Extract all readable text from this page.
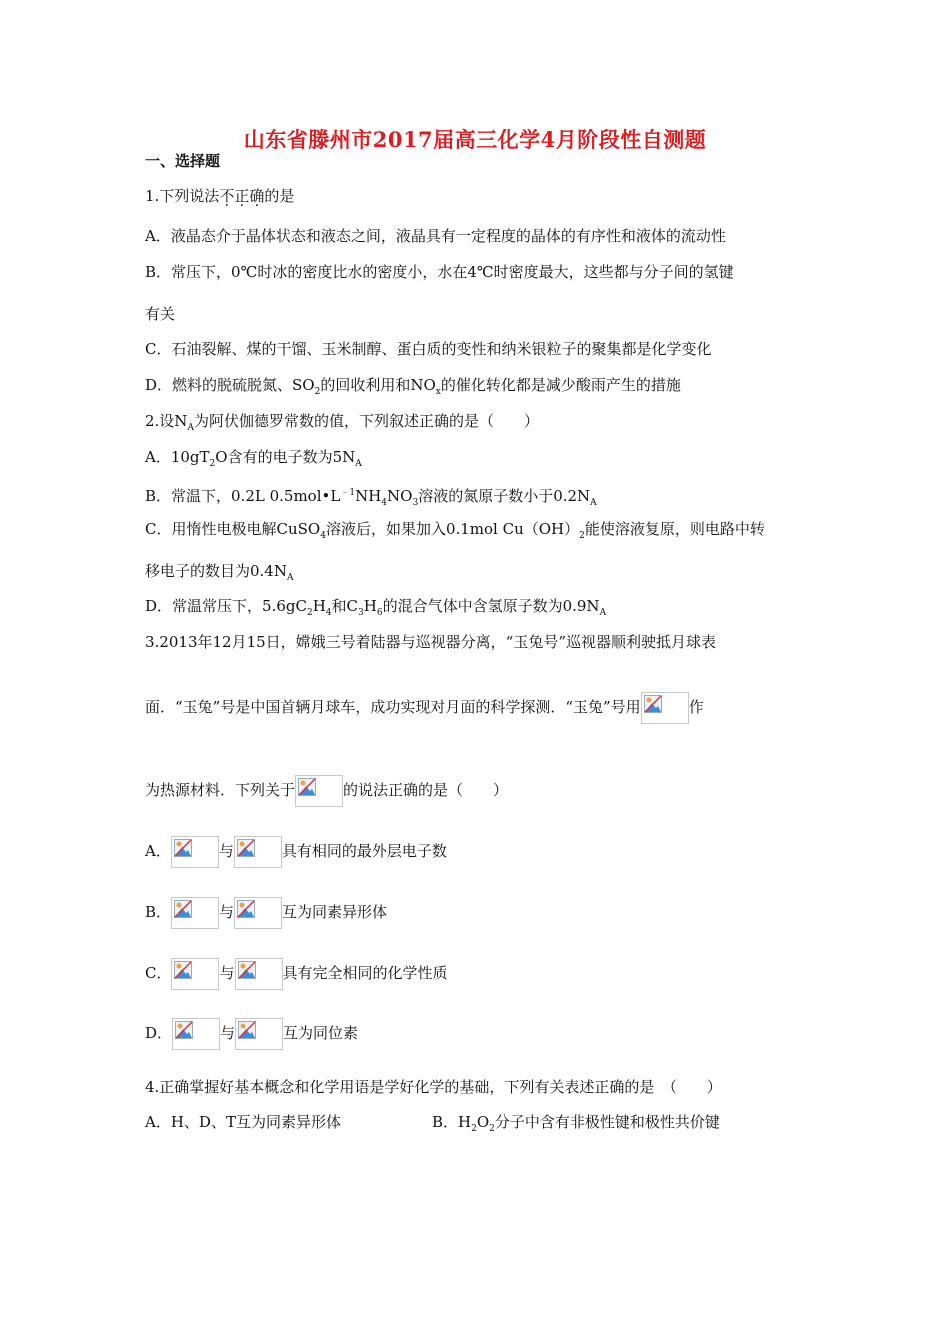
山东省滕州市2017届高三化学4月阶段性自测题
一、选择题
1.下列说法不正确的是
A．液晶态介于晶体状态和液态之间，液晶具有一定程度的晶体的有序性和液体的流动性
B．常压下，0℃时冰的密度比水的密度小，水在4℃时密度最大，这些都与分子间的氢键
有关
C．石油裂解、煤的干馏、玉米制醇、蛋白质的变性和纳米银粒子的聚集都是化学变化
D．燃料的脱硫脱氮、$SO_2$的回收利用和$NO_x$的催化转化都是减少酸雨产生的措施
2.设$N_A$为阿伏伽德罗常数的值，下列叙述正确的是（　　）
A．$10gT_2O$含有的电子数为$5N_A$
B．常温下，0.2L $0.5mol•L^{﹣1}NH_4NO_3$溶液的氮原子数小于$0.2N_A$
C．用惰性电极电解CuSO$_4$溶液后，如果加入0.1mol $Cu(OH)_2$能使溶液复原，则电路中转
移电子的数目为$0.4N_A$
D．常温常压下，$5.6gC_2H_4$和$C_3H_6$的混合气体中含氢原子数为$0.9N_A$
3.2013年12月15日，嫦娥三号着陆器与巡视器分离，“玉兔号”巡视器顺利驶抵月球表
面．“玉兔”号是中国首辆月球车，成功实现对月面的科学探测．“玉兔”号用	作
为热源材料．下列关于	的说法正确的是（　　）
A．	与	具有相同的最外层电子数
B．	与	互为同素异形体
C．	与	具有完全相同的化学性质
D．	与	互为同位素
4.正确掌握好基本概念和化学用语是学好化学的基础，下列有关表述正确的是　（　　）
A．H、D、T互为同素异形体	B．$H_2O_2$分子中含有非极性键和极性共价键
